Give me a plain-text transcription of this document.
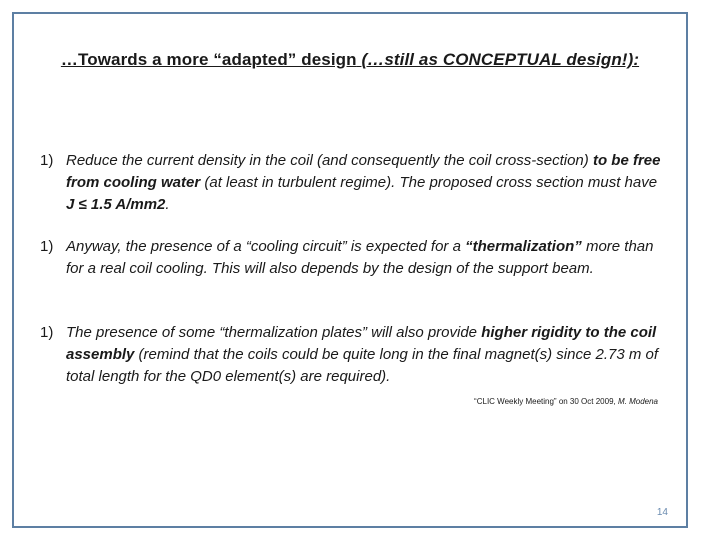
…Towards a more “adapted” design (…still as CONCEPTUAL design!):
1) Reduce the current density in the coil (and consequently the coil cross-section) to be free from cooling water (at least in turbulent regime). The proposed cross section must have J ≤ 1.5 A/mm2.
1) Anyway, the presence of a “cooling circuit” is expected for a “thermalization” more than for a real coil cooling. This will also depends by the design of the support beam.
1) The presence of some “thermalization plates” will also provide higher rigidity to the coil assembly (remind that the coils could be quite long in the final magnet(s) since 2.73 m of total length for the QD0 element(s) are required).
“CLIC Weekly Meeting” on 30 Oct 2009, M. Modena
14
